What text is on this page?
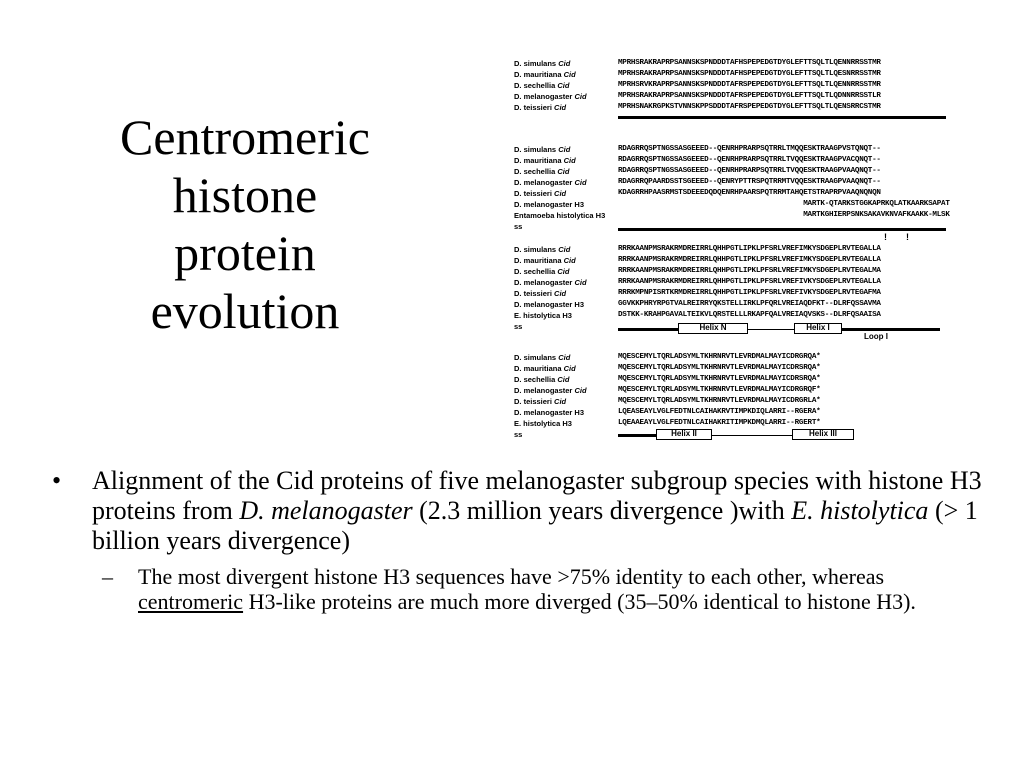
Centromeric
histone
protein
evolution
D. simulans Cid	MPRHSRAKRAPRPSANNSKSPNDDDTAFHSPEPEDGTDYGLEFTTSQLTLQENNRRSSTMR
D. mauritiana Cid	MPRHSRAKRAPRPSANNSKSPNDDDTAFHSPEPEDGTDYGLEFTTSQLTLQESNRRSSTMR
D. sechellia Cid	MPRHSRVKRAPRPSANNSKSPNDDDTAFRSPEPEDGTDYGLEFTTSQLTLQENNRRSSTMR
D. melanogaster Cid	MPRHSRAKRAPRPSANNSKSPNDDDTAFRSPEPEDGTDYGLEFTTSQLTLQDNNRRSSTLR
D. teissieri Cid	MPRHSNAKRGPKSTVNNSKPPSDDDTAFRSPEPEDGTDYGLEFTTSQLTLQENSRRCSTMR
D. simulans Cid	RDAGRRQSPTNGSSASGEEED--QENRHPRARPSQTRRLTMQQESKTRAAGPVSTQNQT--
D. mauritiana Cid	RDAGRRQSPTNGSSASGEEED--QENRHPRARPSQTRRLTVQQESKTRAAGPVACQNQT--
D. sechellia Cid	RDAGRRQSPTNGSSASGEEED--QENRHPRARPSQTRRLTVQQESKTRAAGPVAAQNQT--
D. melanogaster Cid	RDAGRRQPAARDSSTSGEEED--QENRYPTTRSPQTRRMTVQQESKTRAAGPVAAQNQT--
D. teissieri Cid	KDAGRRHPAASRMSTSDEEEDQDQENRHPAARSPQTRRMTAHQETSTRAPRPVAAQNQNQN
D. melanogaster H3	MARTK-QTARKSTGGKAPRKQLATKAARKSAPAT
Entamoeba histolytica H3 MARTKGHIERPSNKSAKAVKNVAFKAAKK-MLSK
ss
! !
D. simulans Cid	RRRKAANPMSRAKRMDREIRRLQHHPGTLIPKLPFSRLVREFIMKYSDGEPLRVTEGALLA
D. mauritiana Cid	RRRKAANPMSRAKRMDREIRRLQHHPGTLIPKLPFSRLVREFIMKYSDGEPLRVTEGALLA
D. sechellia Cid	RRRKAANPMSRAKRMDREIRRLQHHPGTLIPKLPFSRLVREFIMKYSDGEPLRVTEGALMA
D. melanogaster Cid	RRRKAANPMSRAKRMDREIRRLQHHPGTLIPKLPFSRLVREFIVKYSDGEPLRVTEGALLA
D. teissieri Cid	RRRKMPNPISRTKRMDREIRRLQHHPGTLIPKLPFSRLVREFIVKYSDGEPLRVTEGAFMA
D. melanogaster H3	GGVKKPHRYRPGTVALREIRRYQKSTELLIRKLPFQRLVREIAQDFKT--DLRFQSSAVMA
E. histolytica H3	DSTKK-KRAHPGAVALTEIKVLQRSTELLLRKAPFQALVREIAQVSKS--DLRFQSAAISA
ss	Helix N	Helix I
Loop I
D. simulans Cid	MQESCEMYLTQRLADSYMLTKHRNRVTLEVRDMALMAYICDRGRQA*
D. mauritiana Cid	MQESCEMYLTQRLADSYMLTKHRNRVTLEVRDMALMAYICDRSRQA*
D. sechellia Cid	MQESCEMYLTQRLADSYMLTKHRNRVTLEVRDMALMAYICDRSRQA*
D. melanogaster Cid	MQESCEMYLTQRLADSYMLTKHRNRVTLEVRDMALMAYICDRGRQF*
D. teissieri Cid	MQESCEMYLTQRLADSYMLTKHRNRVTLEVRDMALMAYICDRGRLA*
D. melanogaster H3	LQEASEAYLVGLFEDTNLCAIHAKRVTIMPKDIQLARRI--RGERA*
E. histolytica H3	LQEAAEAYLVGLFEDTNLCAIHAKRITIMPKDMQLARRI--RGERT*
ss	Helix II	Helix III
• Alignment of the Cid proteins of five melanogaster subgroup species with histone H3 proteins from D. melanogaster (2.3 million years divergence )with E. histolytica (> 1 billion years divergence)
– The most divergent histone H3 sequences have >75% identity to each other, whereas centromeric H3-like proteins are much more diverged (35–50% identical to histone H3).
